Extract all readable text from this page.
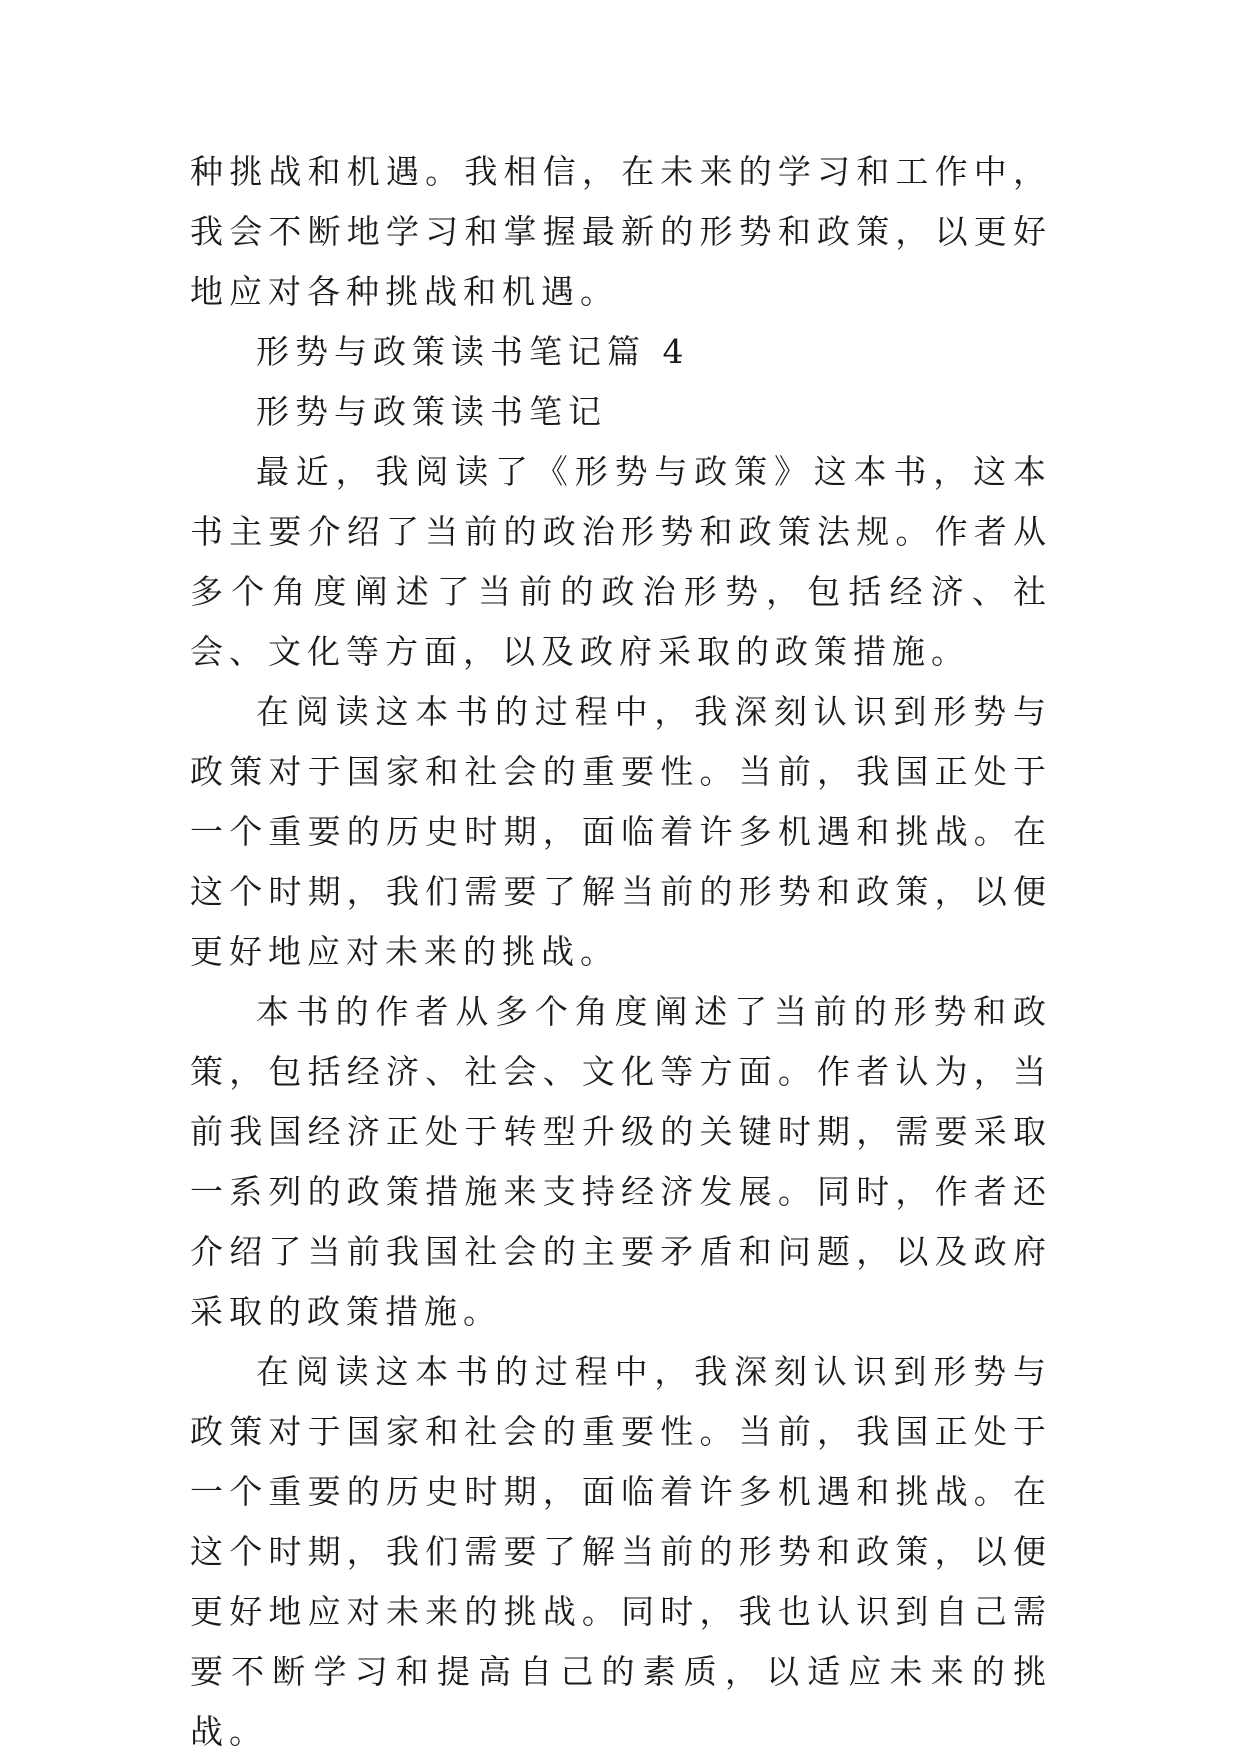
种挑战和机遇。我相信，在未来的学习和工作中，我会不断地学习和掌握最新的形势和政策，以更好地应对各种挑战和机遇。

形势与政策读书笔记篇 4

形势与政策读书笔记

最近，我阅读了《形势与政策》这本书，这本书主要介绍了当前的政治形势和政策法规。作者从多个角度阐述了当前的政治形势，包括经济、社会、文化等方面，以及政府采取的政策措施。

在阅读这本书的过程中，我深刻认识到形势与政策对于国家和社会的重要性。当前，我国正处于一个重要的历史时期，面临着许多机遇和挑战。在这个时期，我们需要了解当前的形势和政策，以便更好地应对未来的挑战。

本书的作者从多个角度阐述了当前的形势和政策，包括经济、社会、文化等方面。作者认为，当前我国经济正处于转型升级的关键时期，需要采取一系列的政策措施来支持经济发展。同时，作者还介绍了当前我国社会的主要矛盾和问题，以及政府采取的政策措施。

在阅读这本书的过程中，我深刻认识到形势与政策对于国家和社会的重要性。当前，我国正处于一个重要的历史时期，面临着许多机遇和挑战。在这个时期，我们需要了解当前的形势和政策，以便更好地应对未来的挑战。同时，我也认识到自己需要不断学习和提高自己的素质，以适应未来的挑战。
